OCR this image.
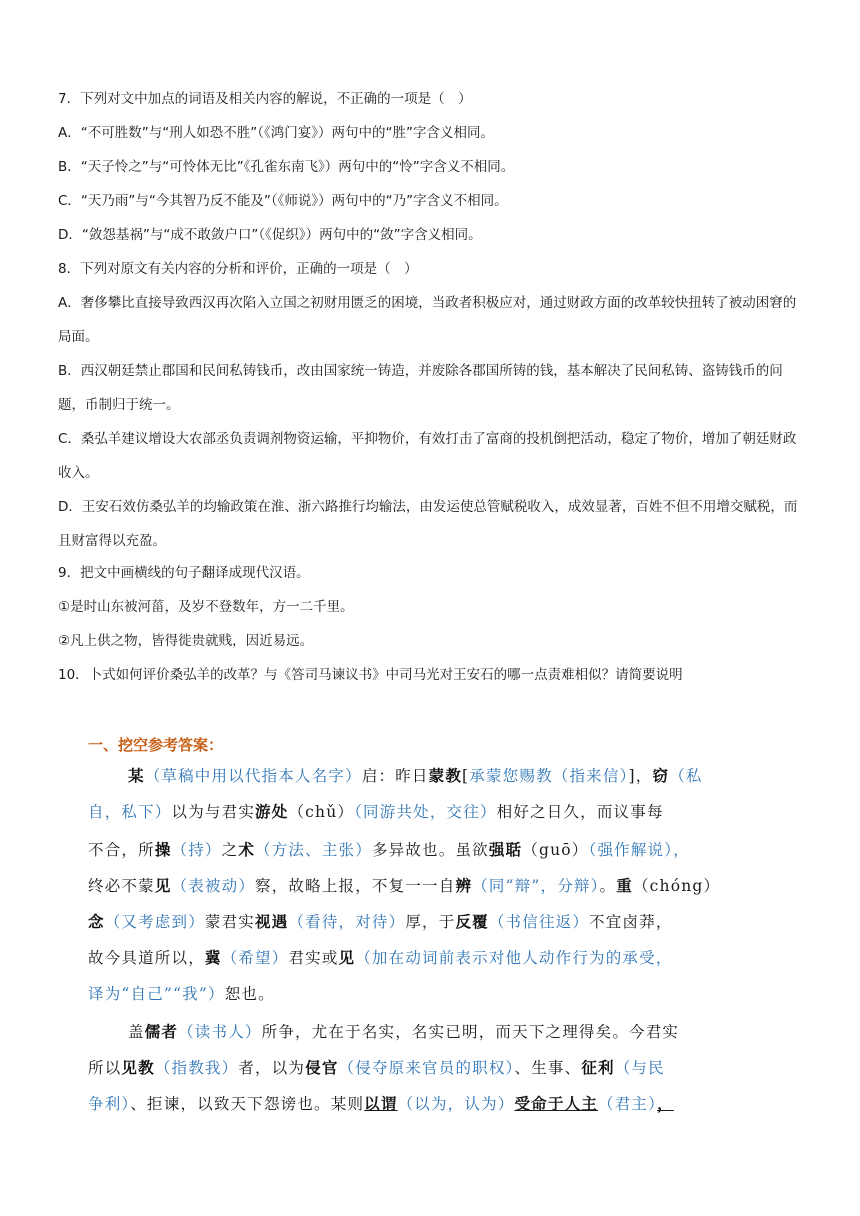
7．下列对文中加点的词语及相关内容的解说，不正确的一项是（　）
A．“不可胜数”与“刑人如恐不胜”（《鸿门宴》）两句中的“胜”字含义相同。
B．“天子怜之”与“可怜体无比”《孔雀东南飞》）两句中的“怜”字含义不相同。
C．“天乃雨”与“今其智乃反不能及”（《师说》）两句中的“乃”字含义不相同。
D．“敛怨基祸”与“成不敢敛户口”（《促织》）两句中的“敛”字含义相同。
8．下列对原文有关内容的分析和评价，正确的一项是（　）
A．奢侈攀比直接导致西汉再次陷入立国之初财用匮乏的困境，当政者积极应对，通过财政方面的改革较快扭转了被动困窘的局面。
B．西汉朝廷禁止郡国和民间私铸钱币，改由国家统一铸造，并废除各郡国所铸的钱，基本解决了民间私铸、盗铸钱币的问题，币制归于统一。
C．桑弘羊建议增设大农部丞负责调剂物资运输，平抑物价，有效打击了富商的投机倒把活动，稳定了物价，增加了朝廷财政收入。
D．王安石效仿桑弘羊的均输政策在淮、浙六路推行均输法，由发运使总管赋税收入，成效显著，百姓不但不用增交赋税，而且财富得以充盈。
9．把文中画横线的句子翻译成现代汉语。
①是时山东被河菑，及岁不登数年，方一二千里。
②凡上供之物，皆得徙贵就贱，因近易远。
10．卜式如何评价桑弘羊的改革？与《答司马谏议书》中司马光对王安石的哪一点责难相似？请简要说明
一、挖空参考答案：
某（草稿中用以代指本人名字）启：昨日蒙教[承蒙您赐教（指来信）]，窃（私
自，私下）以为与君实游处（chǔ）（同游共处，交往）相好之日久，而议事每
不合，所操（持）之术（方法、主张）多异故也。虽欲强聒（guō）（强作解说），
终必不蒙见（表被动）察，故略上报，不复一一自辨（同“辩”，分辩）。重（chóng）
念（又考虑到）蒙君实视遇（看待，对待）厚，于反覆（书信往返）不宜卤莽，
故今具道所以，冀（希望）君实或见（加在动词前表示对他人动作行为的承受，
译为“自己”“我”）恕也。
盖儒者（读书人）所争，尤在于名实，名实已明，而天下之理得矣。今君实
所以见教（指教我）者，以为侵官（侵夺原来官员的职权）、生事、征利（与民
争利）、拒谏，以致天下怨谤也。某则以谓（以为，认为）受命于人主（君主），
